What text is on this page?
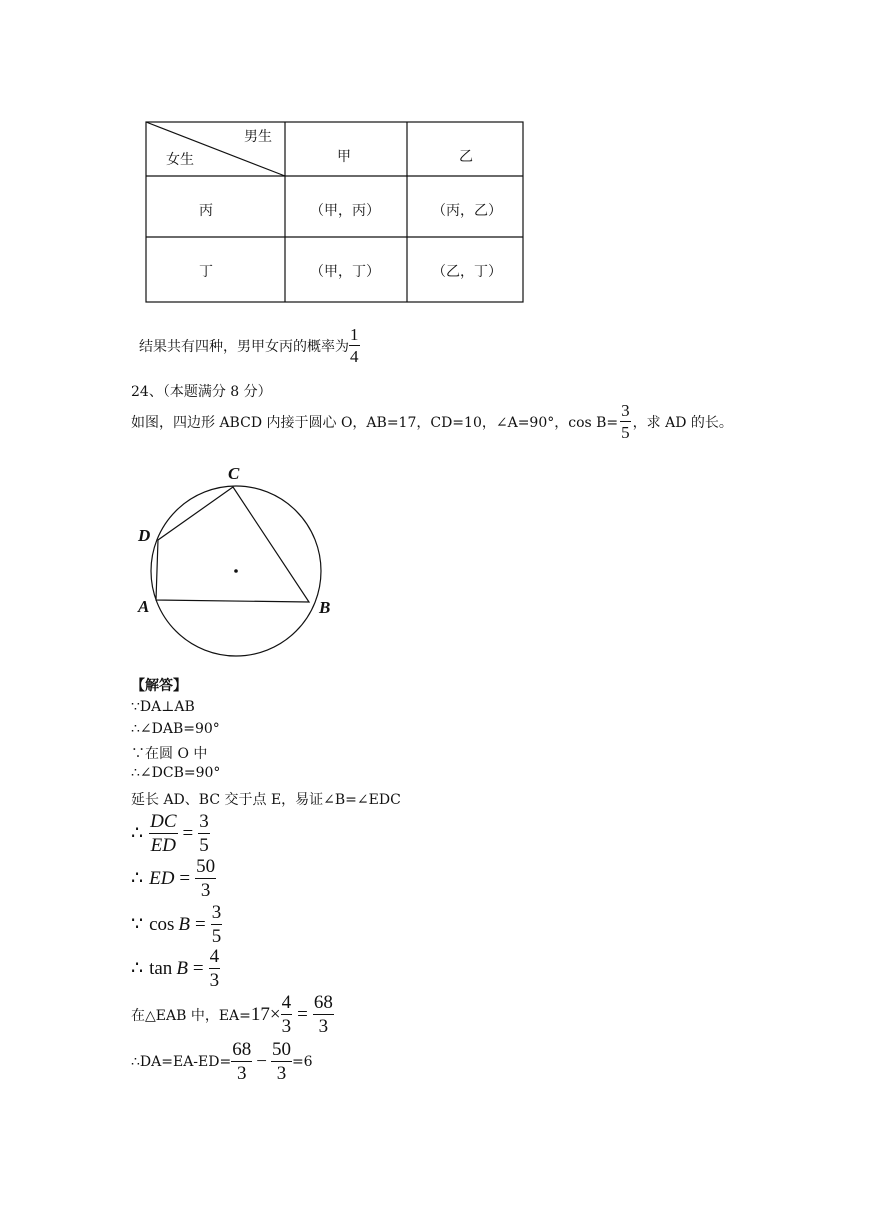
男生
女生	甲	乙
丙	（甲，丙）	（丙，乙）
丁	（甲，丁）	（乙，丁）
结果共有四种，男甲女丙的概率为 $\frac{1}{4}$
24、（本题满分 8 分）
如图，四边形 ABCD 内接于圆心 O，AB=17，CD=10，∠A=90°，$\cos B= \frac{3}{5}$ ，求 AD 的长。
C
D
A	B
【解答】
∵DA⊥AB
∴∠DAB=90°
∵在圆 O 中
∴∠DCB=90°
延长 AD、BC 交于点 E，易证∠B=∠EDC
∴ $\frac{DC}{ED} = \frac{3}{5}$
∴ ED = $\frac{50}{3}$
∵ $\cos B = \frac{3}{5}$
∴ $\tan B = \frac{4}{3}$
在△EAB 中，$EA= 17\times \frac{4}{3} = \frac{68}{3}$
∴DA=EA-ED= $\frac{68}{3} - \frac{50}{3} =6$
